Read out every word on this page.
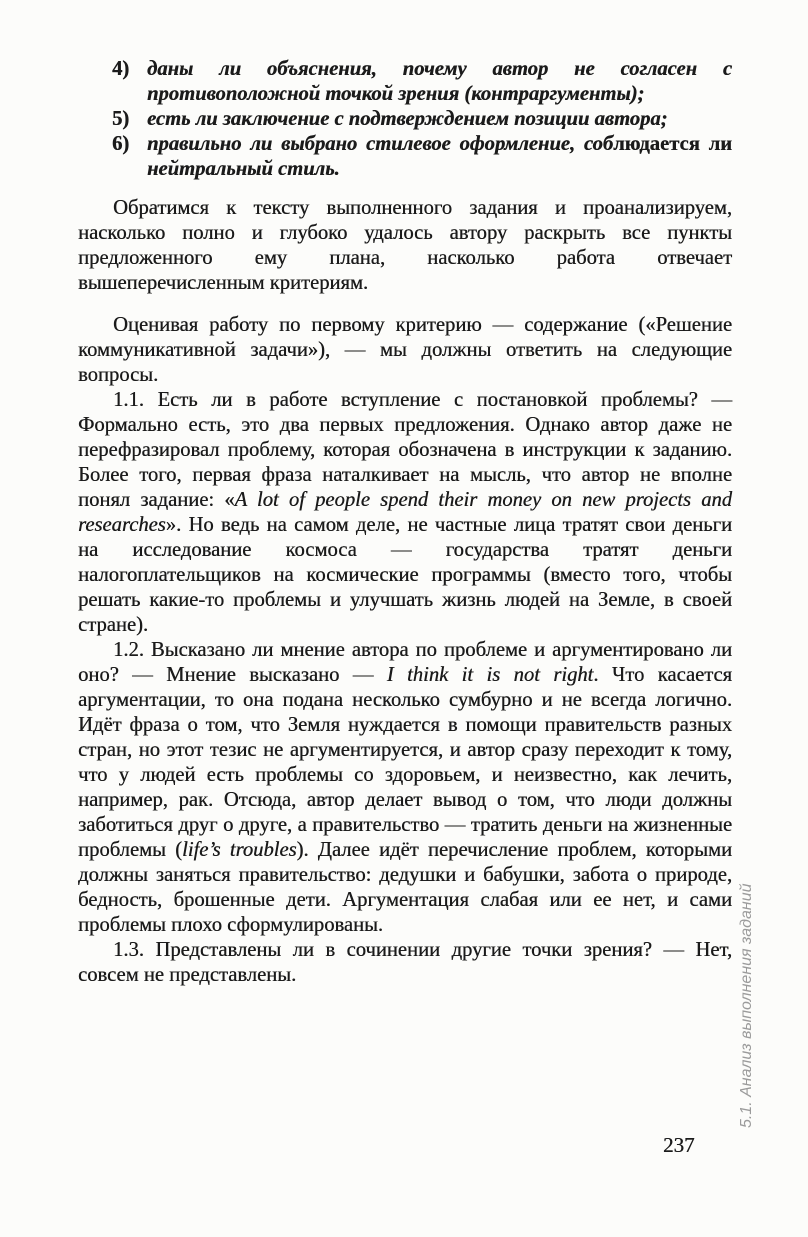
4) даны ли объяснения, почему автор не согласен с противоположной точкой зрения (контраргументы);
5) есть ли заключение с подтверждением позиции автора;
6) правильно ли выбрано стилевое оформление, соблюдается ли нейтральный стиль.

Обратимся к тексту выполненного задания и проанализируем, насколько полно и глубоко удалось автору раскрыть все пункты предложенного ему плана, насколько работа отвечает вышеперечисленным критериям.

Оценивая работу по первому критерию — содержание («Решение коммуникативной задачи»), — мы должны ответить на следующие вопросы.

1.1. Есть ли в работе вступление с постановкой проблемы? — Формально есть, это два первых предложения. Однако автор даже не перефразировал проблему, которая обозначена в инструкции к заданию. Более того, первая фраза наталкивает на мысль, что автор не вполне понял задание: «A lot of people spend their money on new projects and researches». Но ведь на самом деле, не частные лица тратят свои деньги на исследование космоса — государства тратят деньги налогоплательщиков на космические программы (вместо того, чтобы решать какие-то проблемы и улучшать жизнь людей на Земле, в своей стране).

1.2. Высказано ли мнение автора по проблеме и аргументировано ли оно? — Мнение высказано — I think it is not right. Что касается аргументации, то она подана несколько сумбурно и не всегда логично. Идёт фраза о том, что Земля нуждается в помощи правительств разных стран, но этот тезис не аргументируется, и автор сразу переходит к тому, что у людей есть проблемы со здоровьем, и неизвестно, как лечить, например, рак. Отсюда, автор делает вывод о том, что люди должны заботиться друг о друге, а правительство — тратить деньги на жизненные проблемы (life’s troubles). Далее идёт перечисление проблем, которыми должны заняться правительство: дедушки и бабушки, забота о природе, бедность, брошенные дети. Аргументация слабая или ее нет, и сами проблемы плохо сформулированы.

1.3. Представлены ли в сочинении другие точки зрения? — Нет, совсем не представлены.	5.1. Анализ выполнения заданий
237
